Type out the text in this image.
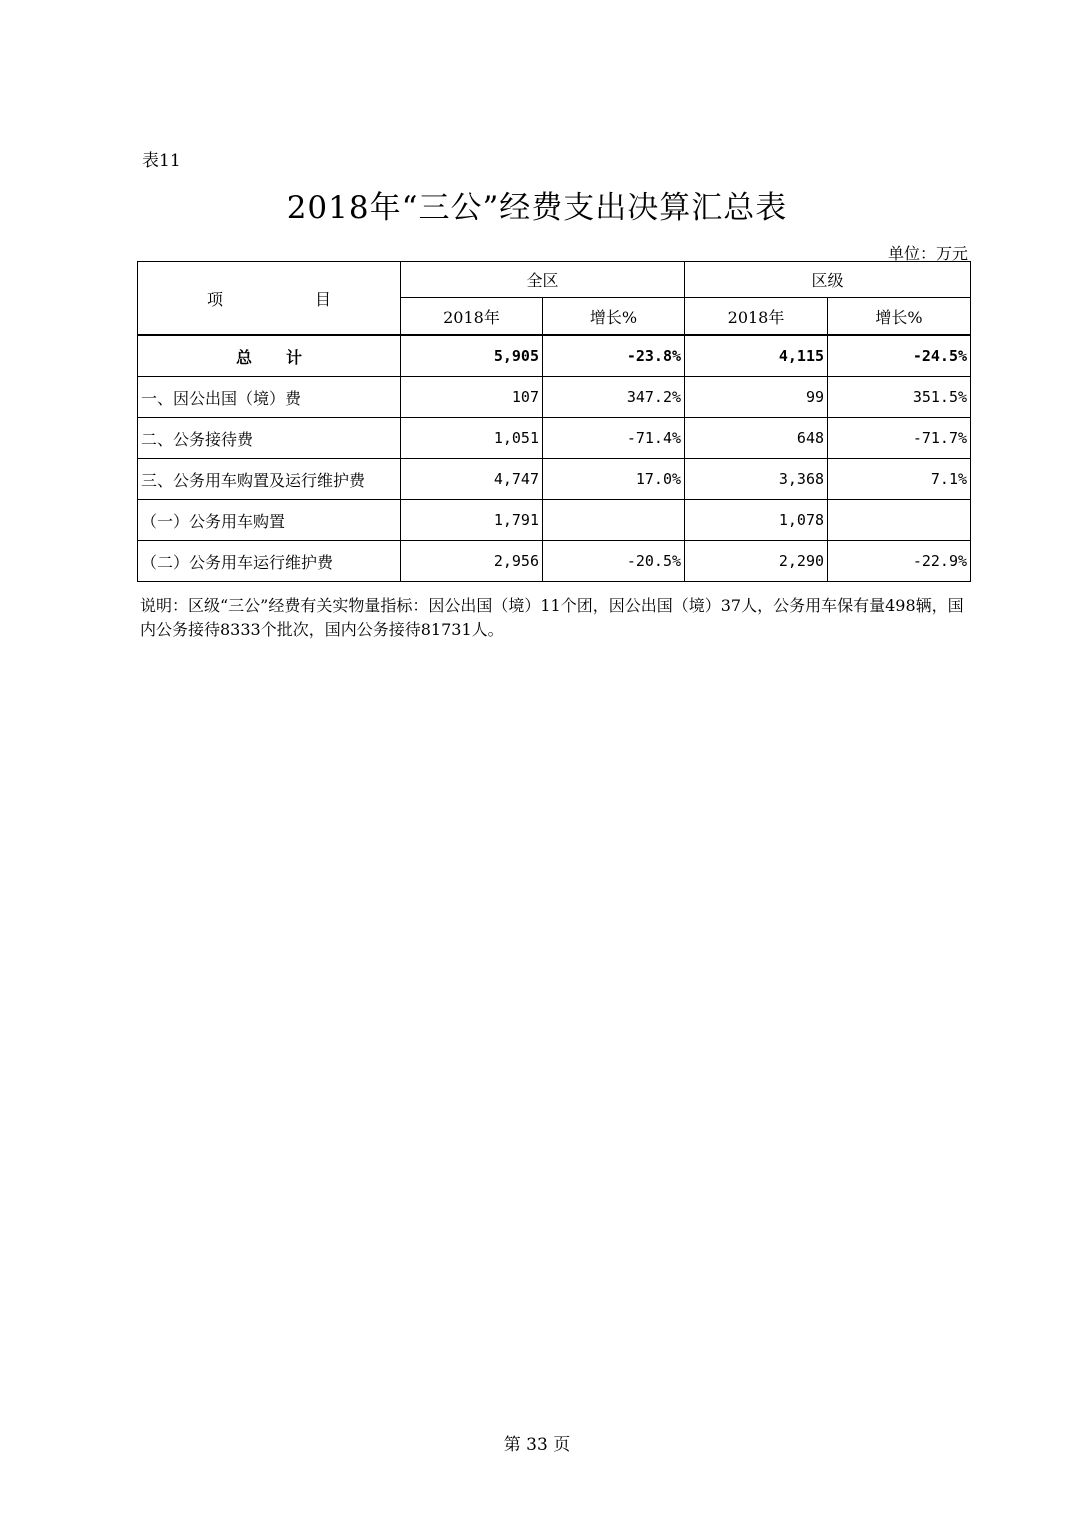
表11
2018年“三公”经费支出决算汇总表
单位：万元
项 目	全区		区级	
	2018年	增长%	2018年	增长%
总 计	5,905	-23.8%	4,115	-24.5%
一、因公出国（境）费	107	347.2%	99	351.5%
二、公务接待费	1,051	-71.4%	648	-71.7%
三、公务用车购置及运行维护费	4,747	17.0%	3,368	7.1%
（一）公务用车购置	1,791		1,078	
（二）公务用车运行维护费	2,956	-20.5%	2,290	-22.9%
说明：区级“三公”经费有关实物量指标：因公出国（境）11个团，因公出国（境）37人，公务用车保有量498辆，国内公务接待8333个批次，国内公务接待81731人。
第 33 页
